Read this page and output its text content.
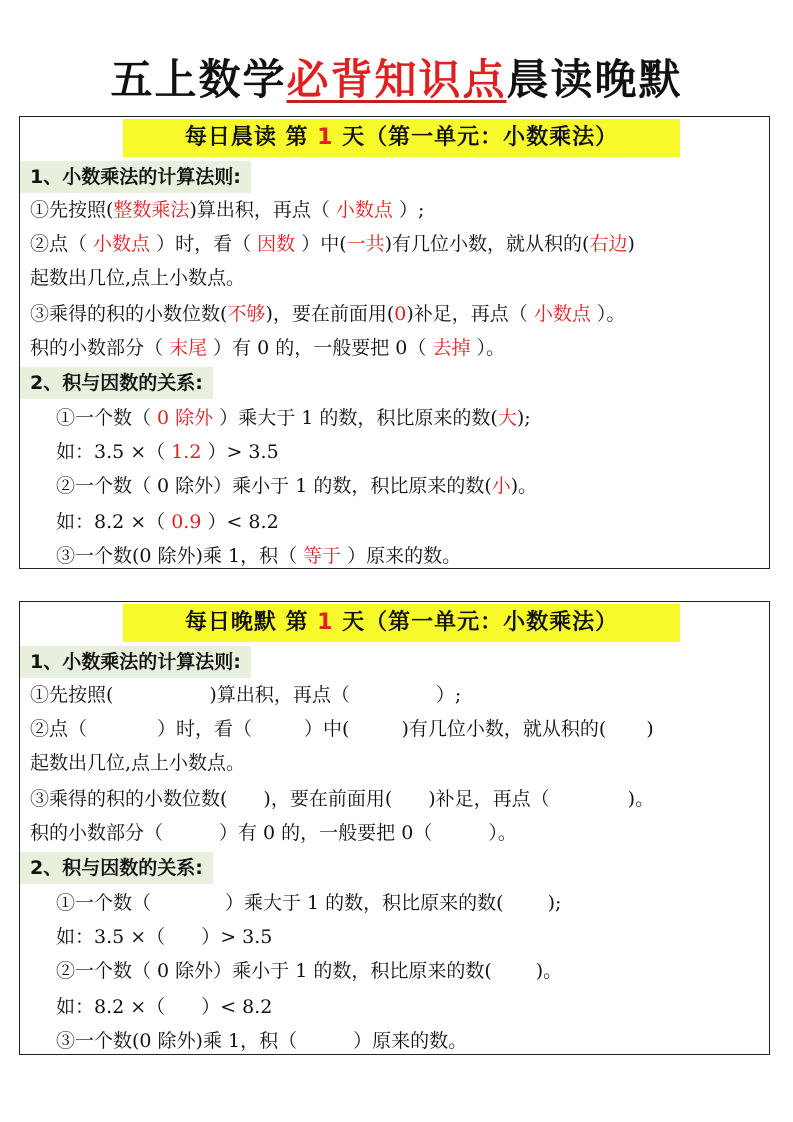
五上数学必背知识点晨读晚默
每日晨读 第 1 天（第一单元：小数乘法）
1、小数乘法的计算法则:
①先按照(整数乘法)算出积，再点（ 小数点 ）;
②点（ 小数点 ）时，看（ 因数 ）中(一共)有几位小数，就从积的(右边)
起数出几位,点上小数点。
③乘得的积的小数位数(不够)，要在前面用(0)补足，再点（ 小数点 ）。
积的小数部分（ 末尾 ）有 0 的，一般要把 0（ 去掉 ）。
2、积与因数的关系:
①一个数（ 0 除外 ）乘大于 1 的数，积比原来的数(大);
如：3.5 ×（ 1.2 ）> 3.5
②一个数（ 0 除外）乘小于 1 的数，积比原来的数(小)。
如：8.2 ×（ 0.9 ）< 8.2
③一个数(0 除外)乘 1，积（ 等于 ）原来的数。
每日晚默 第 1 天（第一单元：小数乘法）
1、小数乘法的计算法则:
①先按照(	)算出积，再点（	）;
②点（	）时，看（	）中(	)有几位小数，就从积的( )
起数出几位,点上小数点。
③乘得的积的小数位数( )，要在前面用( )补足，再点（	)。
积的小数部分（	）有 0 的，一般要把 0（	）。
2、积与因数的关系:
①一个数（	）乘大于 1 的数，积比原来的数( );
如：3.5 ×（ ）> 3.5
②一个数（ 0 除外）乘小于 1 的数，积比原来的数( )。
如：8.2 ×（ ）< 8.2
③一个数(0 除外)乘 1，积（	）原来的数。
